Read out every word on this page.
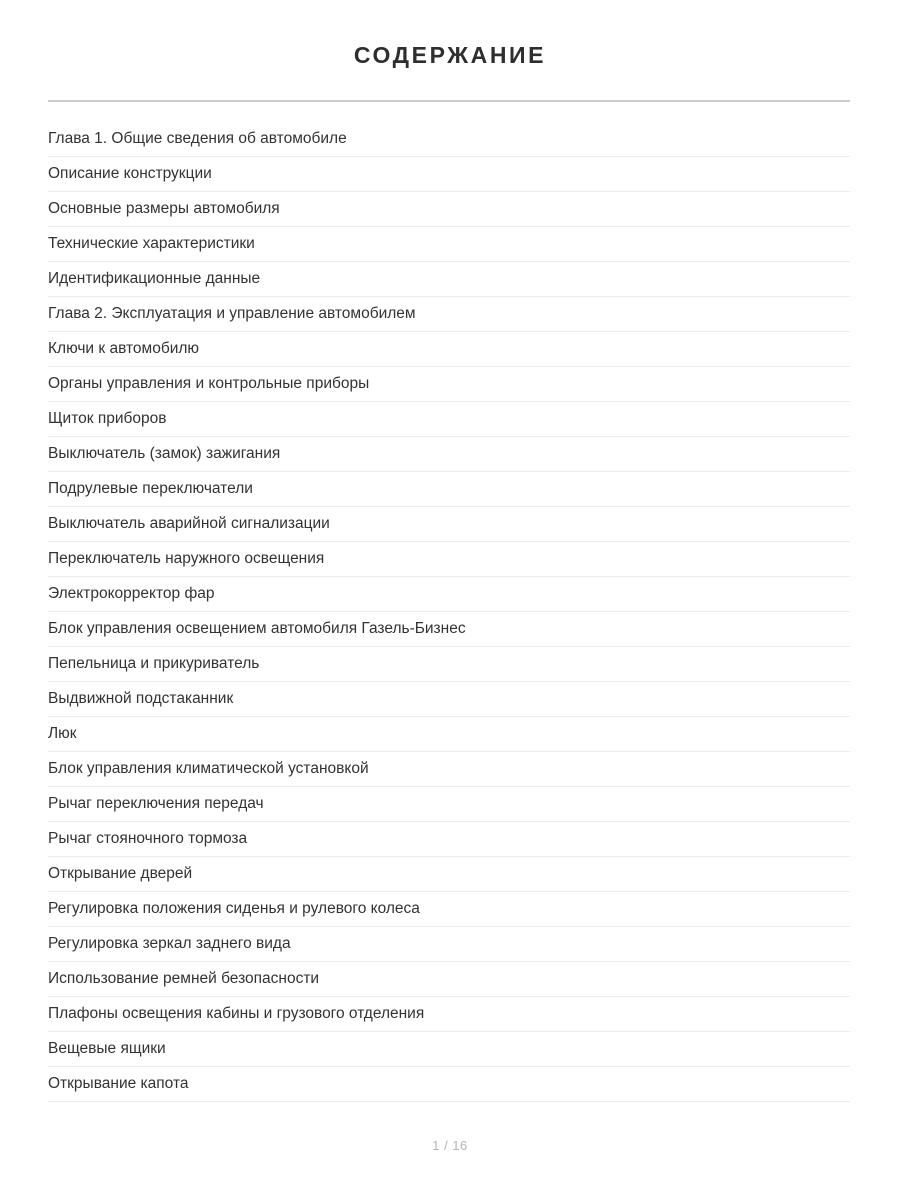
СОДЕРЖАНИЕ
Глава 1. Общие сведения об автомобиле
Описание конструкции
Основные размеры автомобиля
Технические характеристики
Идентификационные данные
Глава 2. Эксплуатация и управление автомобилем
Ключи к автомобилю
Органы управления и контрольные приборы
Щиток приборов
Выключатель (замок) зажигания
Подрулевые переключатели
Выключатель аварийной сигнализации
Переключатель наружного освещения
Электрокорректор фар
Блок управления освещением автомобиля Газель-Бизнес
Пепельница и прикуриватель
Выдвижной подстаканник
Люк
Блок управления климатической установкой
Рычаг переключения передач
Рычаг стояночного тормоза
Открывание дверей
Регулировка положения сиденья и рулевого колеса
Регулировка зеркал заднего вида
Использование ремней безопасности
Плафоны освещения кабины и грузового отделения
Вещевые ящики
Открывание капота
1 / 16
